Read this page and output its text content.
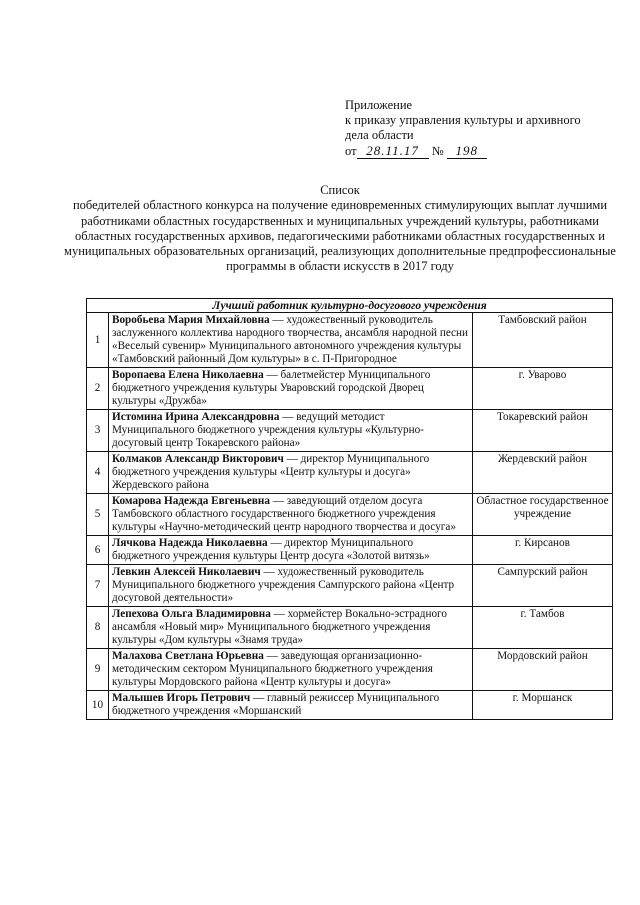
Приложение
к приказу управления культуры и архивного
дела области
от 28.11.17 № 198
Список
победителей областного конкурса на получение единовременных стимулирующих выплат лучшими работниками областных государственных и муниципальных учреждений культуры, работниками областных государственных архивов, педагогическими работниками областных государственных и муниципальных образовательных организаций, реализующих дополнительные предпрофессиональные программы в области искусств в 2017 году
Лучший работник культурно-досугового учреждения		
1	Воробьева Мария Михайловна — художественный руководитель заслуженного коллектива народного творчества, ансамбля народной песни «Веселый сувенир» Муниципального автономного учреждения культуры «Тамбовский районный Дом культуры» в с. П-Пригородное	Тамбовский район
2	Воропаева Елена Николаевна — балетмейстер Муниципального бюджетного учреждения культуры Уваровский городской Дворец культуры «Дружба»	г. Уварово
3	Истомина Ирина Александровна — ведущий методист Муниципального бюджетного учреждения культуры «Культурно-досуговый центр Токаревского района»	Токаревский район
4	Колмаков Александр Викторович — директор Муниципального бюджетного учреждения культуры «Центр культуры и досуга» Жердевского района	Жердевский район
5	Комарова Надежда Евгеньевна — заведующий отделом досуга Тамбовского областного государственного бюджетного учреждения культуры «Научно-методический центр народного творчества и досуга»	Областное государственное учреждение
6	Лячкова Надежда Николаевна — директор Муниципального бюджетного учреждения культуры Центр досуга «Золотой витязь»	г. Кирсанов
7	Левкин Алексей Николаевич — художественный руководитель Муниципального бюджетного учреждения Сампурского района «Центр досуговой деятельности»	Сампурский район
8	Лепехова Ольга Владимировна — хормейстер Вокально-эстрадного ансамбля «Новый мир» Муниципального бюджетного учреждения культуры «Дом культуры «Знамя труда»	г. Тамбов
9	Малахова Светлана Юрьевна — заведующая организационно-методическим сектором Муниципального бюджетного учреждения культуры Мордовского района «Центр культуры и досуга»	Мордовский район
10	Малышев Игорь Петрович — главный режиссер Муниципального бюджетного учреждения «Моршанский	г. Моршанск
